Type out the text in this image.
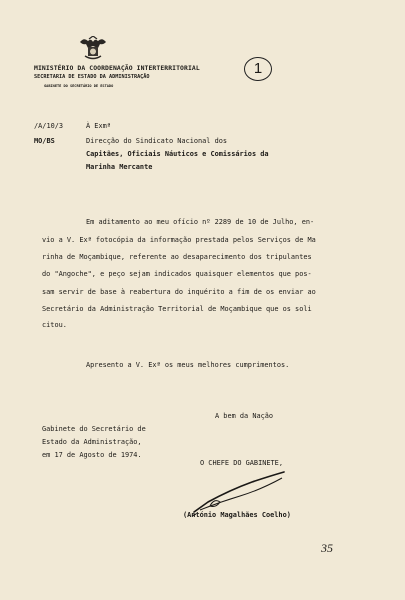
MINISTÉRIO DA COORDENAÇÃO INTERTERRITORIAL
SECRETARIA DE ESTADO DA ADMINISTRAÇÃO
GABINETE DO SECRETÁRIO DE ESTADO
1
/A/10/3
MO/BS
À Exmª
Direcção do Sindicato Nacional dos
Capitães, Oficiais Náuticos e Comissários da
Marinha Mercante
Em aditamento ao meu ofício nº 2289 de 10 de Julho, en-
vio a V. Exª fotocópia da informação prestada pelos Serviços de Ma
rinha de Moçambique, referente ao desaparecimento dos tripulantes
do "Angoche", e peço sejam indicados quaisquer elementos que pos-
sam servir de base à reabertura do inquérito a fim de os enviar ao
Secretário da Administração Territorial de Moçambique que os soli
citou.
Apresento a V. Exª os meus melhores cumprimentos.
A bem da Nação
Gabinete do Secretário de
Estado da Administração,
em 17 de Agosto de 1974.
O CHEFE DO GABINETE,
(António Magalhães Coelho)
35
